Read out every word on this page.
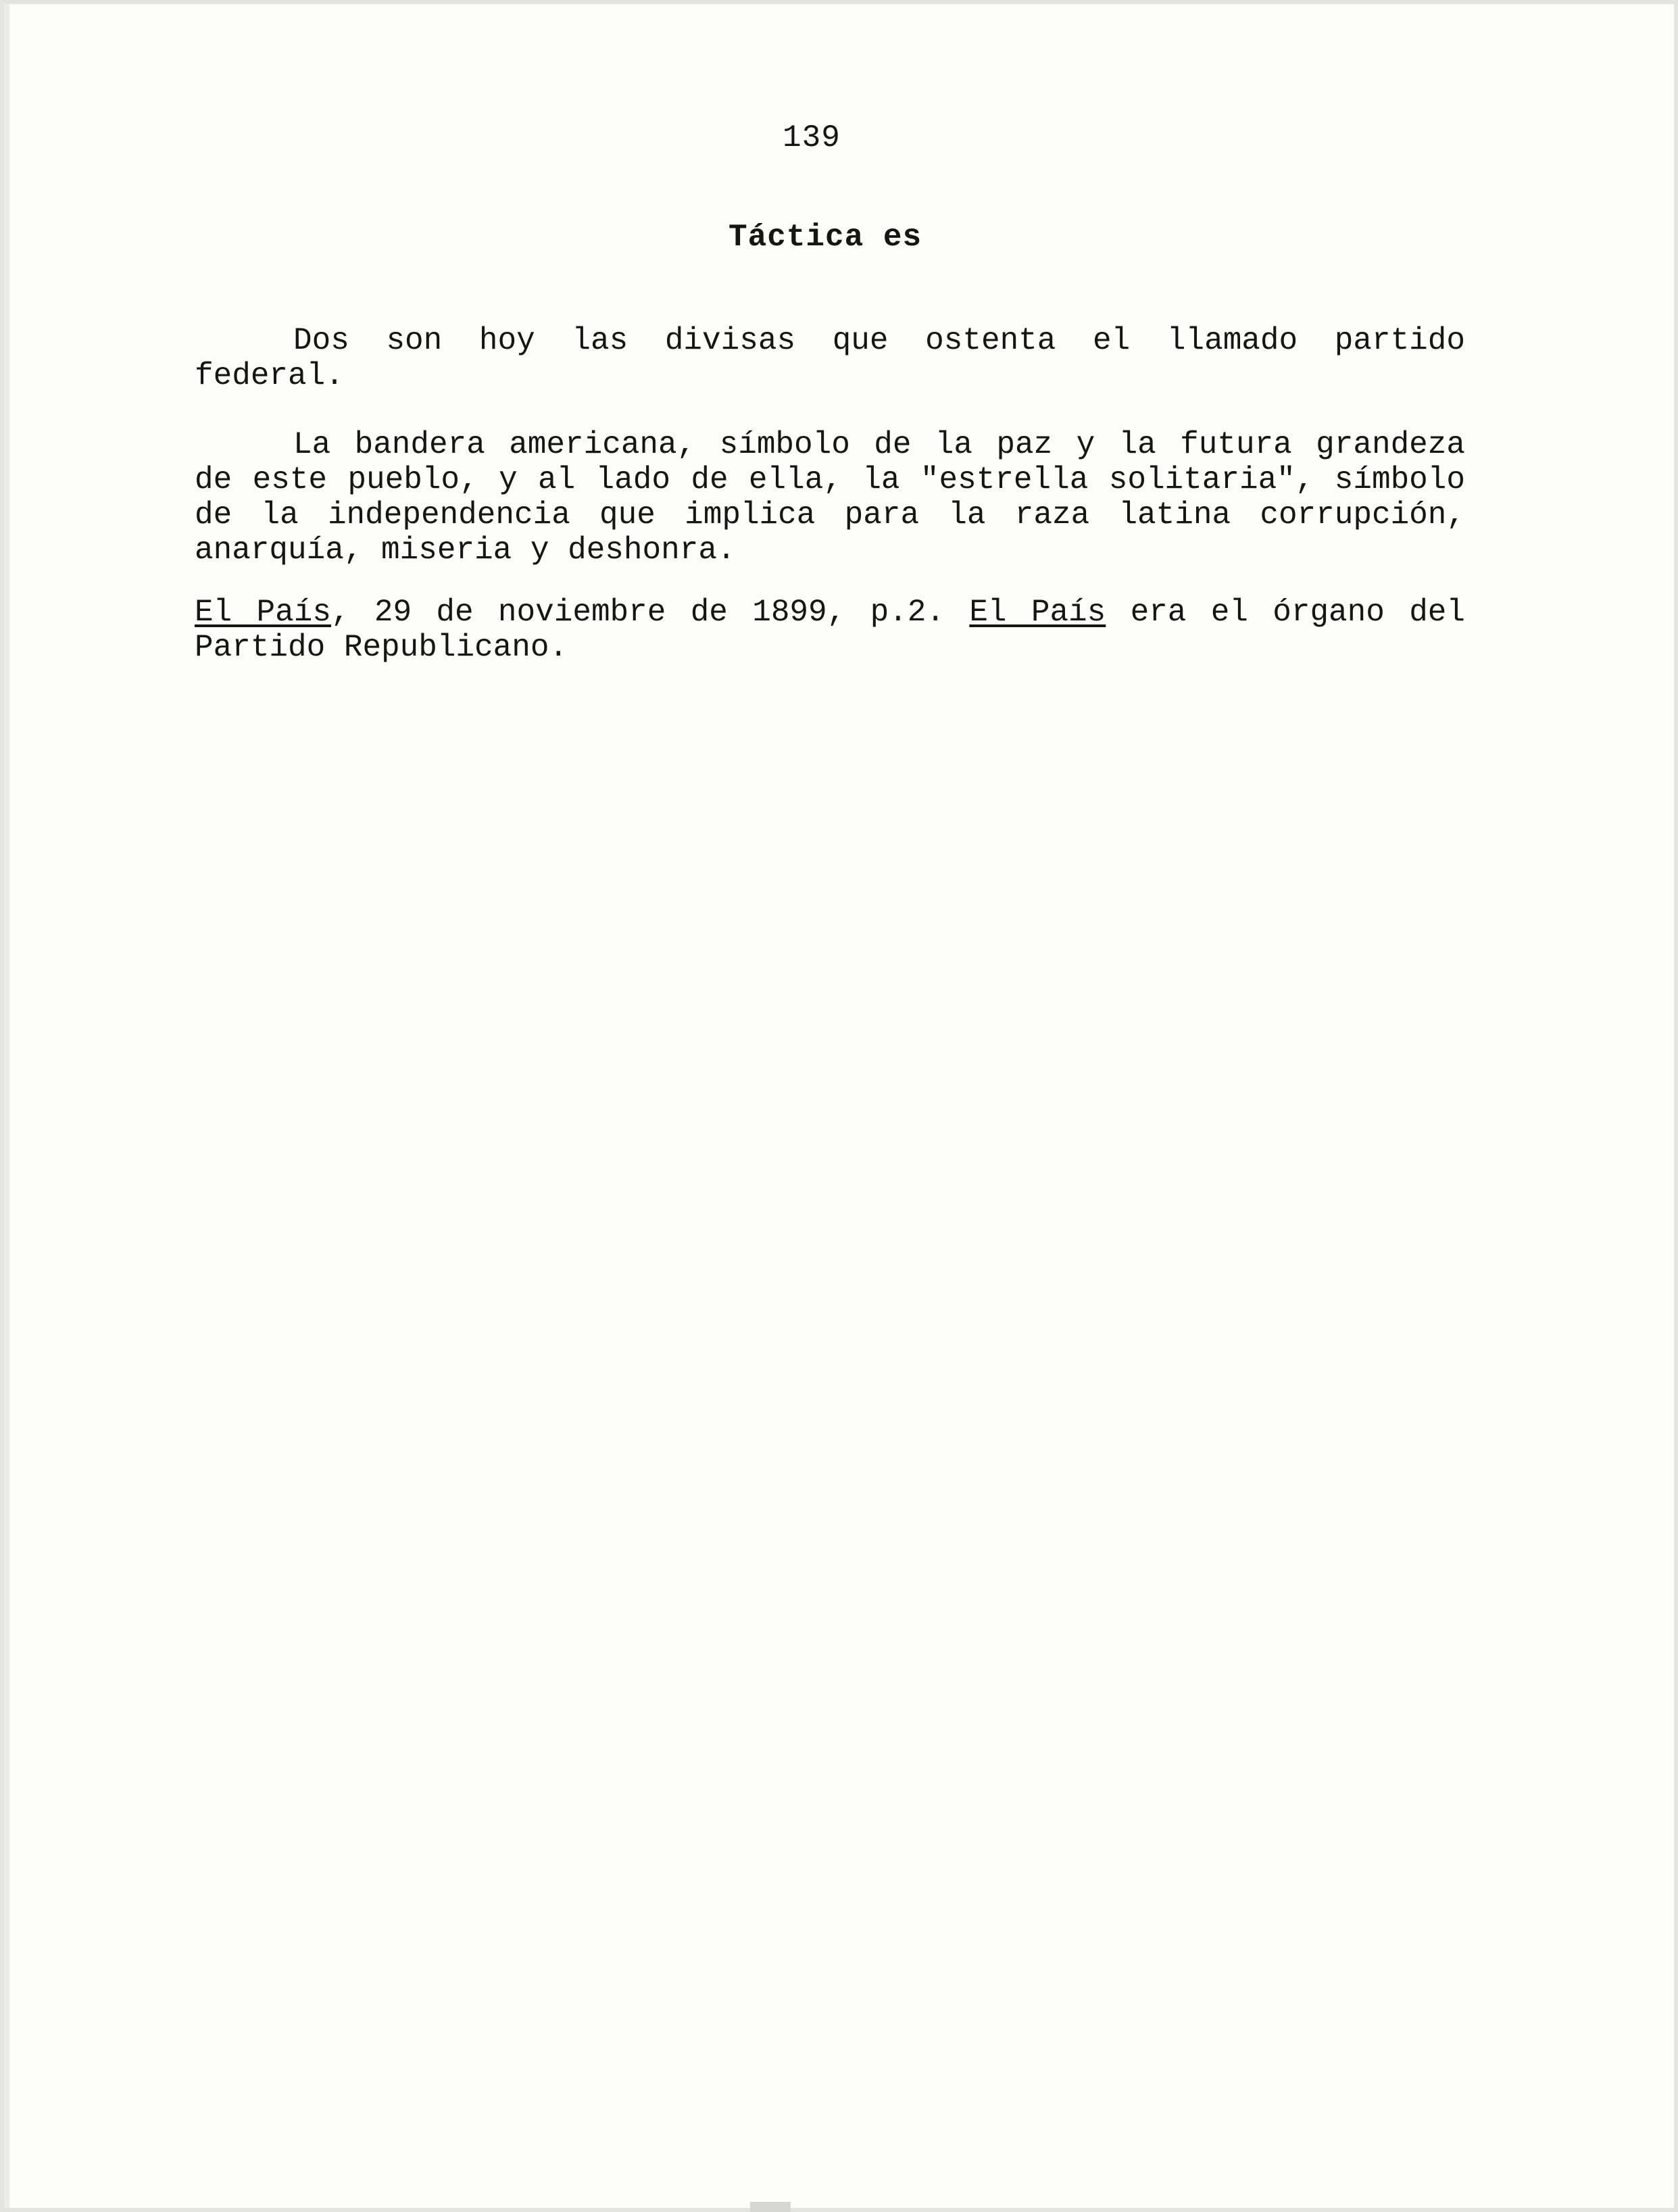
139
Táctica es

Dos son hoy las divisas que ostenta el llamado partido federal.

La bandera americana, símbolo de la paz y la futura grandeza de este pueblo, y al lado de ella, la "estrella solitaria", símbolo de la independencia que implica para la raza latina corrupción, anarquía, miseria y deshonra.

El País, 29 de noviembre de 1899, p.2. El País era el órgano del Partido Republicano.
